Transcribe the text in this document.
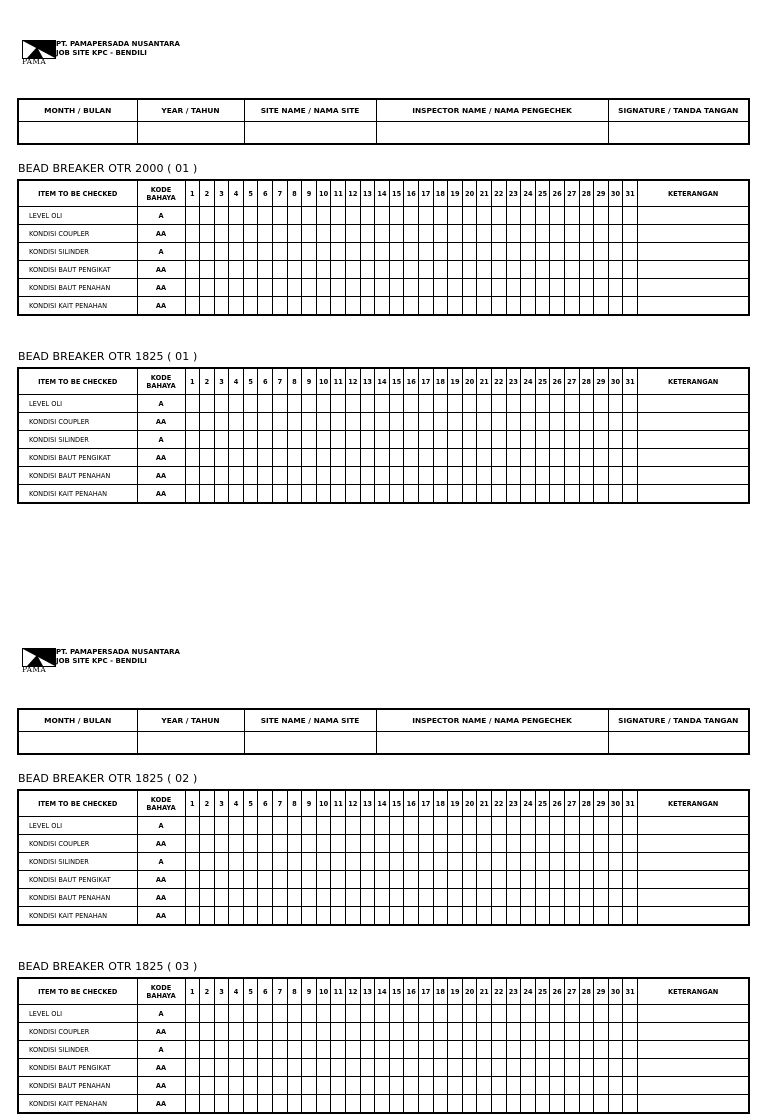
PAMA
PT. PAMAPERSADA NUSANTARA
JOB SITE KPC - BENDILI
MONTH / BULAN	YEAR / TAHUN	SITE NAME / NAMA SITE	INSPECTOR NAME / NAMA PENGECHEK	SIGNATURE / TANDA TANGAN

BEAD BREAKER OTR 2000 ( 01 )
ITEM TO BE CHECKED	KODE BAHAYA	1	2	3	4	5	6	7	8	9	10	11	12	13	14	15	16	17	18	19	20	21	22	23	24	25	26	27	28	29	30	31	KETERANGAN
LEVEL OLI	A																																
KONDISI COUPLER	AA																																
KONDISI SILINDER	A																																
KONDISI BAUT PENGIKAT	AA																																
KONDISI BAUT PENAHAN	AA																																
KONDISI KAIT PENAHAN	AA																																
BEAD BREAKER OTR 1825 ( 01 )
ITEM TO BE CHECKED	KODE BAHAYA	1	2	3	4	5	6	7	8	9	10	11	12	13	14	15	16	17	18	19	20	21	22	23	24	25	26	27	28	29	30	31	KETERANGAN
LEVEL OLI	A																																
KONDISI COUPLER	AA																																
KONDISI SILINDER	A																																
KONDISI BAUT PENGIKAT	AA																																
KONDISI BAUT PENAHAN	AA																																
KONDISI KAIT PENAHAN	AA																																
PAMA
PT. PAMAPERSADA NUSANTARA
JOB SITE KPC - BENDILI
MONTH / BULAN	YEAR / TAHUN	SITE NAME / NAMA SITE	INSPECTOR NAME / NAMA PENGECHEK	SIGNATURE / TANDA TANGAN

BEAD BREAKER OTR 1825 ( 02 )
ITEM TO BE CHECKED	KODE BAHAYA	1	2	3	4	5	6	7	8	9	10	11	12	13	14	15	16	17	18	19	20	21	22	23	24	25	26	27	28	29	30	31	KETERANGAN
LEVEL OLI	A																																
KONDISI COUPLER	AA																																
KONDISI SILINDER	A																																
KONDISI BAUT PENGIKAT	AA																																
KONDISI BAUT PENAHAN	AA																																
KONDISI KAIT PENAHAN	AA																																
BEAD BREAKER OTR 1825 ( 03 )
ITEM TO BE CHECKED	KODE BAHAYA	1	2	3	4	5	6	7	8	9	10	11	12	13	14	15	16	17	18	19	20	21	22	23	24	25	26	27	28	29	30	31	KETERANGAN
LEVEL OLI	A																																
KONDISI COUPLER	AA																																
KONDISI SILINDER	A																																
KONDISI BAUT PENGIKAT	AA																																
KONDISI BAUT PENAHAN	AA																																
KONDISI KAIT PENAHAN	AA																																
